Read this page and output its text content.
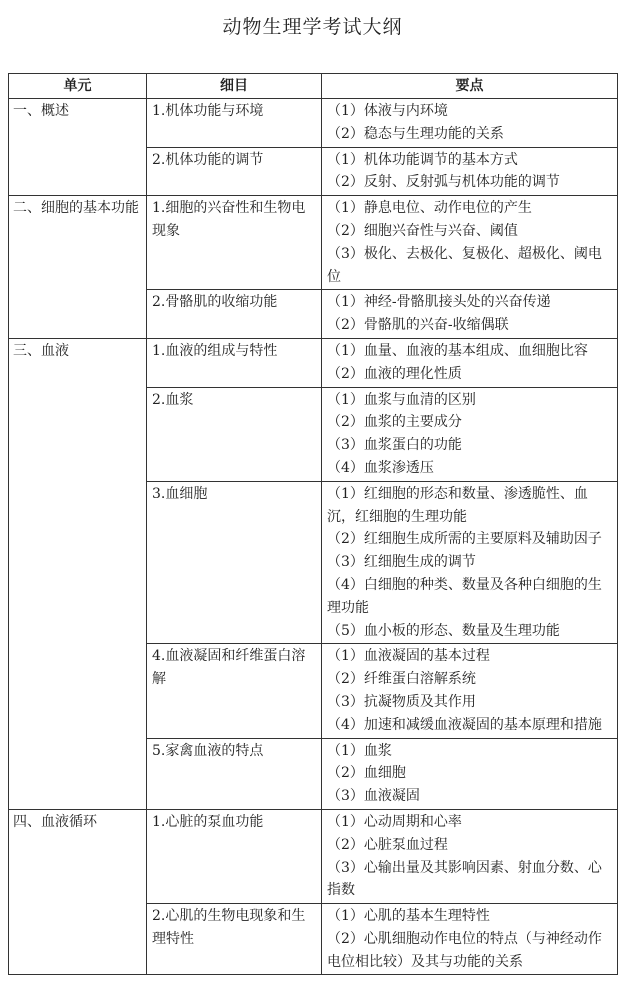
动物生理学考试大纲
单元	细目	要点
一、概述	1.机体功能与环境	（1）体液与内环境
（2）稳态与生理功能的关系

	2.机体功能的调节	（1）机体功能调节的基本方式
（2）反射、反射弧与机体功能的调节

二、细胞的基本功能	1.细胞的兴奋性和生物电现象	（1）静息电位、动作电位的产生
（2）细胞兴奋性与兴奋、阈值
（3）极化、去极化、复极化、超极化、阈电位

	2.骨骼肌的收缩功能	（1）神经-骨骼肌接头处的兴奋传递
（2）骨骼肌的兴奋-收缩偶联

三、血液	1.血液的组成与特性	（1）血量、血液的基本组成、血细胞比容
（2）血液的理化性质

	2.血浆	（1）血浆与血清的区别
（2）血浆的主要成分
（3）血浆蛋白的功能
（4）血浆渗透压

	3.血细胞	（1）红细胞的形态和数量、渗透脆性、血沉，红细胞的生理功能
（2）红细胞生成所需的主要原料及辅助因子
（3）红细胞生成的调节
（4）白细胞的种类、数量及各种白细胞的生理功能
（5）血小板的形态、数量及生理功能

	4.血液凝固和纤维蛋白溶解	（1）血液凝固的基本过程
（2）纤维蛋白溶解系统
（3）抗凝物质及其作用
（4）加速和减缓血液凝固的基本原理和措施

	5.家禽血液的特点	（1）血浆
（2）血细胞
（3）血液凝固

四、血液循环	1.心脏的泵血功能	（1）心动周期和心率
（2）心脏泵血过程
（3）心输出量及其影响因素、射血分数、心指数

	2.心肌的生物电现象和生理特性	（1）心肌的基本生理特性
（2）心肌细胞动作电位的特点（与神经动作电位相比较）及其与功能的关系
